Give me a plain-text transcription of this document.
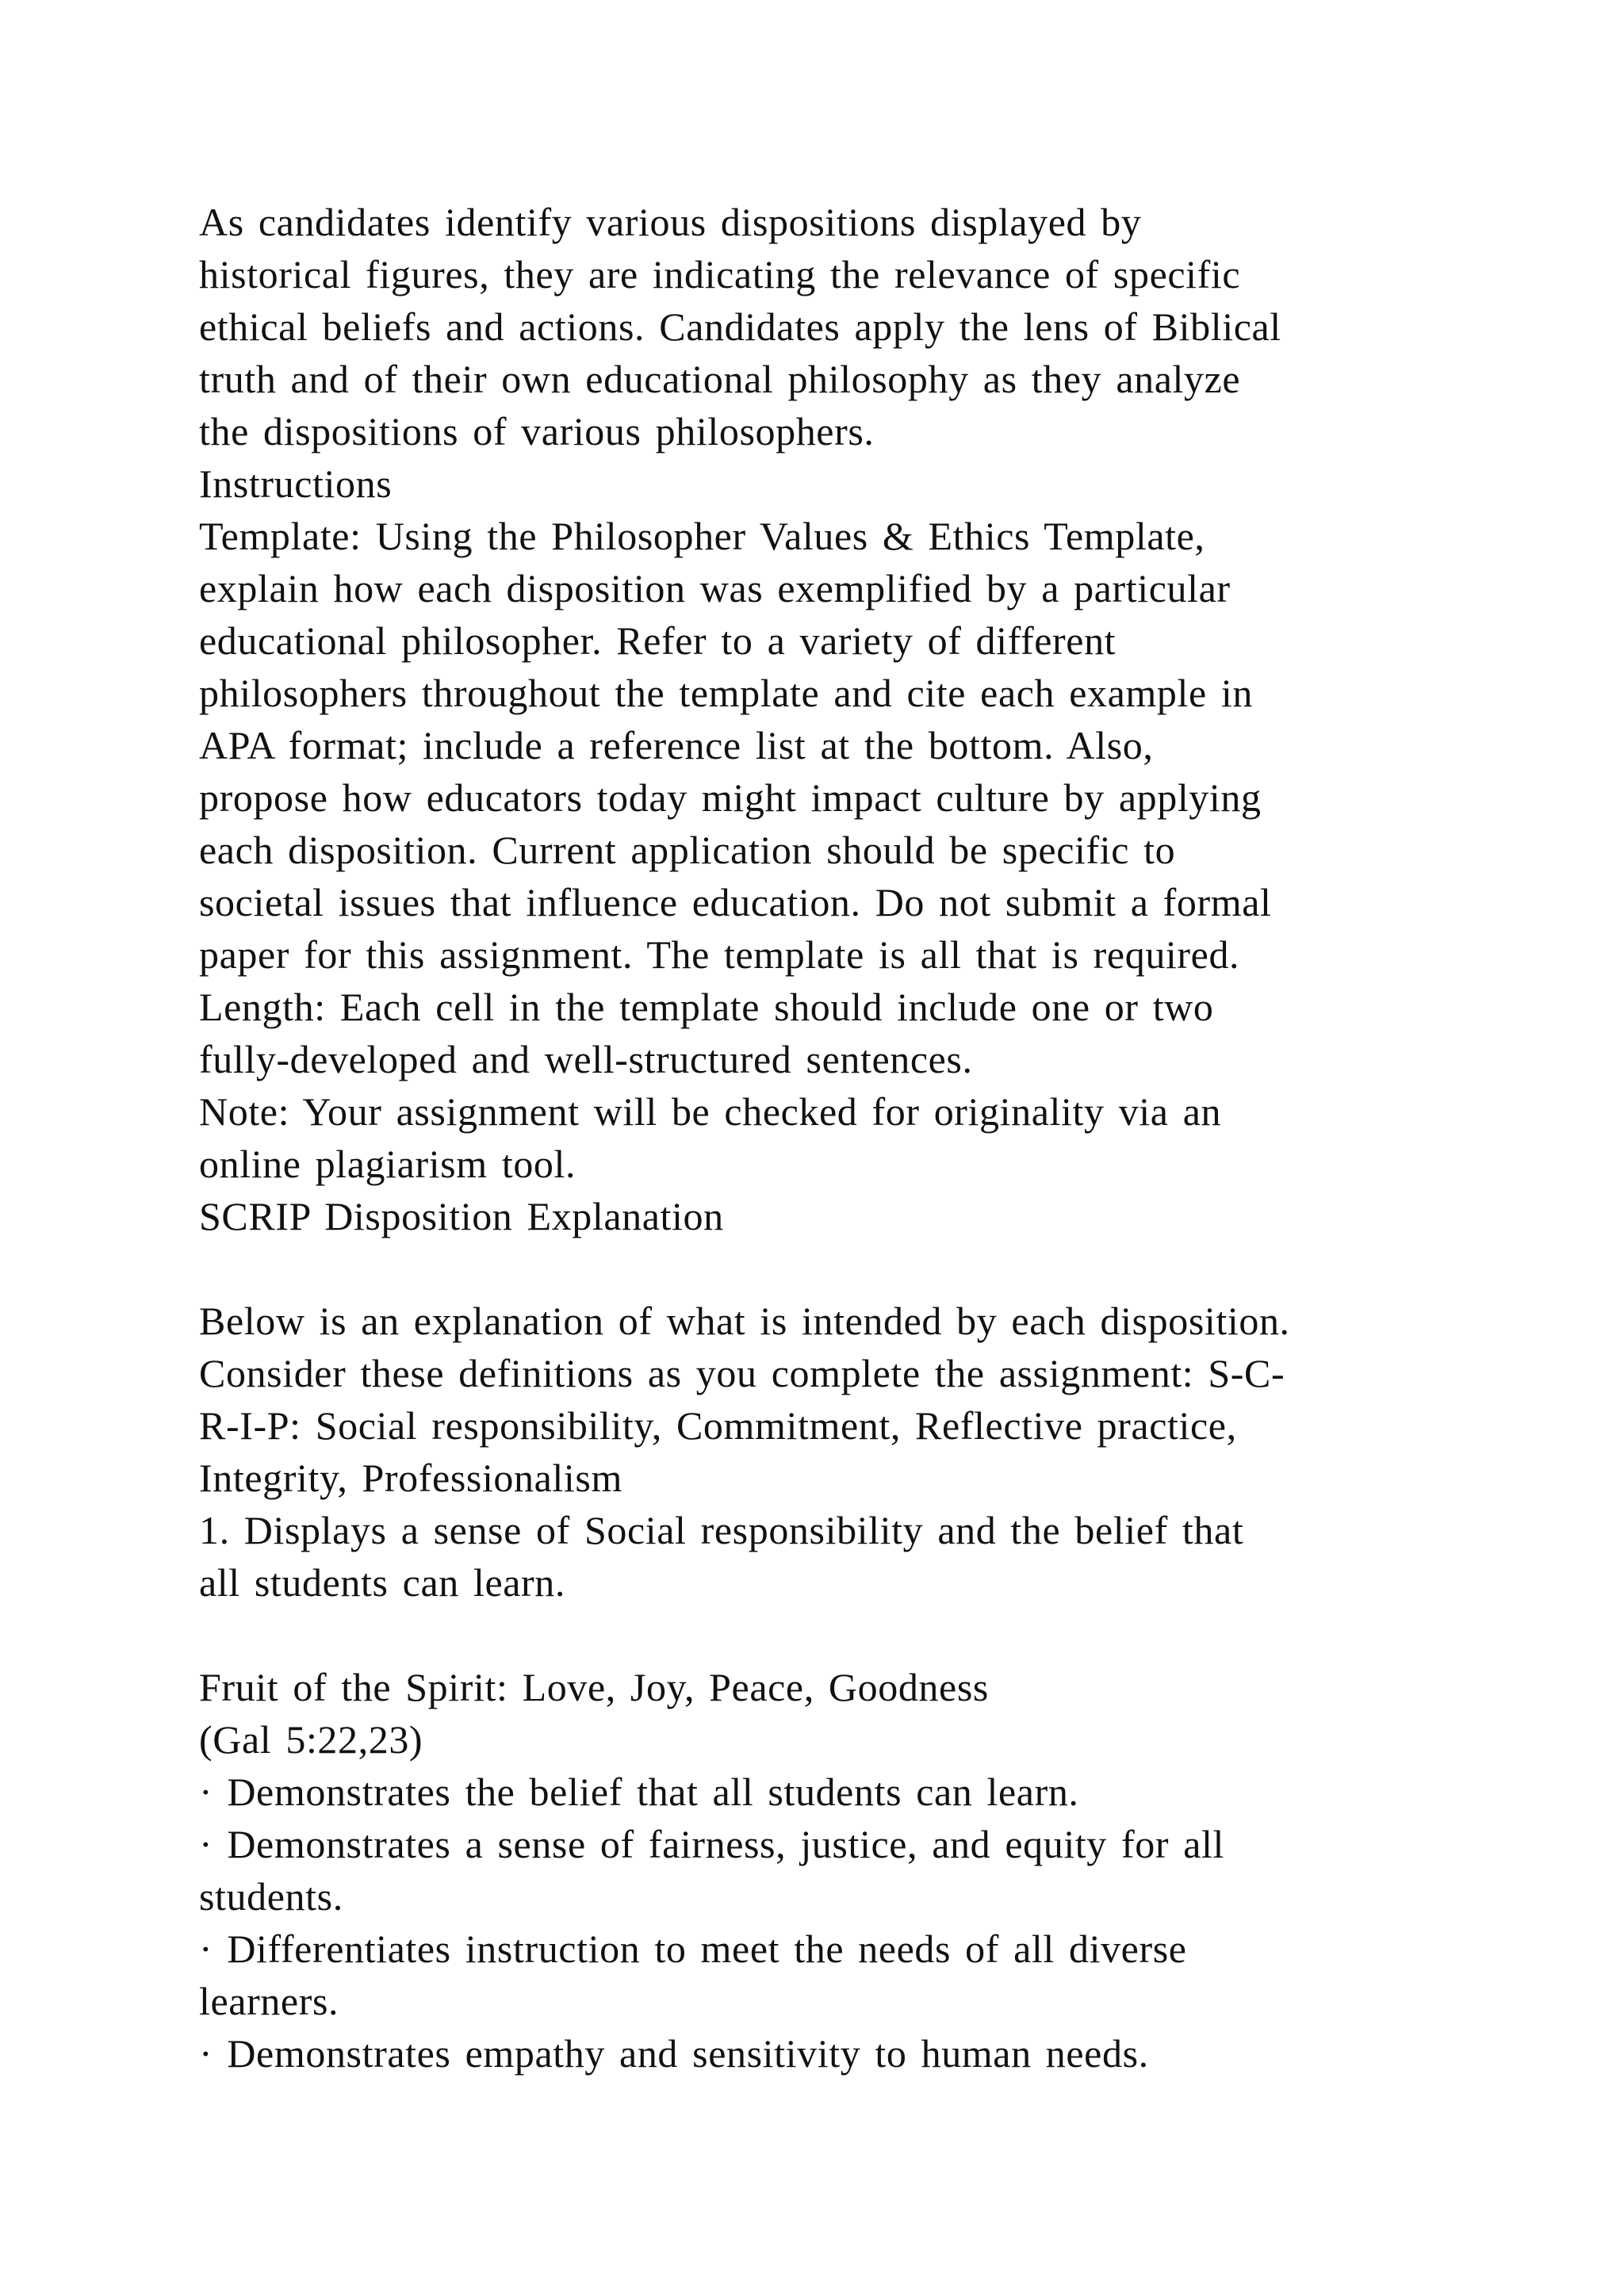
As candidates identify various dispositions displayed by
historical figures, they are indicating the relevance of specific
ethical beliefs and actions. Candidates apply the lens of Biblical
truth and of their own educational philosophy as they analyze
the dispositions of various philosophers.
Instructions
Template: Using the Philosopher Values & Ethics Template,
explain how each disposition was exemplified by a particular
educational philosopher. Refer to a variety of different
philosophers throughout the template and cite each example in
APA format; include a reference list at the bottom. Also,
propose how educators today might impact culture by applying
each disposition. Current application should be specific to
societal issues that influence education. Do not submit a formal
paper for this assignment. The template is all that is required.
Length: Each cell in the template should include one or two
fully-developed and well-structured sentences.
Note: Your assignment will be checked for originality via an
online plagiarism tool.
SCRIP Disposition Explanation
Below is an explanation of what is intended by each disposition.
Consider these definitions as you complete the assignment: S-C-
R-I-P: Social responsibility, Commitment, Reflective practice,
Integrity, Professionalism
1. Displays a sense of Social responsibility and the belief that
all students can learn.
Fruit of the Spirit: Love, Joy, Peace, Goodness
(Gal 5:22,23)
· Demonstrates the belief that all students can learn.
· Demonstrates a sense of fairness, justice, and equity for all
students.
· Differentiates instruction to meet the needs of all diverse
learners.
· Demonstrates empathy and sensitivity to human needs.
